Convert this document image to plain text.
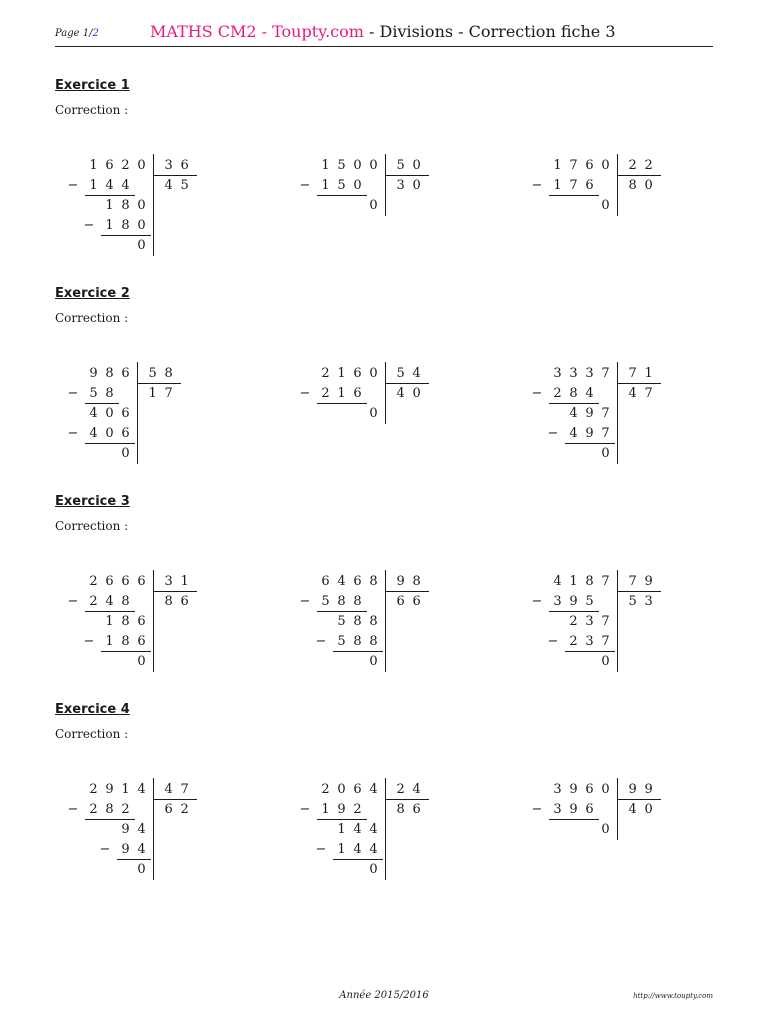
Page 1/2	MATHS CM2 - Toupty.com - Divisions - Correction fiche 3
Exercice 1
Correction :
1 6 2 0
1 4 4
−
1 8 0
1 8 0
−
0
3 6
4 5
1 5 0 0
1 5 0
−
0
5 0
3 0
1 7 6 0
1 7 6
−
0
2 2
8 0
Exercice 2
Correction :
9 8 6
5 8
−
4 0 6
4 0 6
−
0
5 8
1 7
2 1 6 0
2 1 6
−
0
5 4
4 0
3 3 3 7
2 8 4
−
4 9 7
4 9 7
−
0
7 1
4 7
Exercice 3
Correction :
2 6 6 6
2 4 8
−
1 8 6
1 8 6
−
0
3 1
8 6
6 4 6 8
5 8 8
−
5 8 8
5 8 8
−
0
9 8
6 6
4 1 8 7
3 9 5
−
2 3 7
2 3 7
−
0
7 9
5 3
Exercice 4
Correction :
2 9 1 4
2 8 2
−
9 4
9 4
−
0
4 7
6 2
2 0 6 4
1 9 2
−
1 4 4
1 4 4
−
0
2 4
8 6
3 9 6 0
3 9 6
−
0
9 9
4 0
Année 2015/2016	http://www.toupty.com
